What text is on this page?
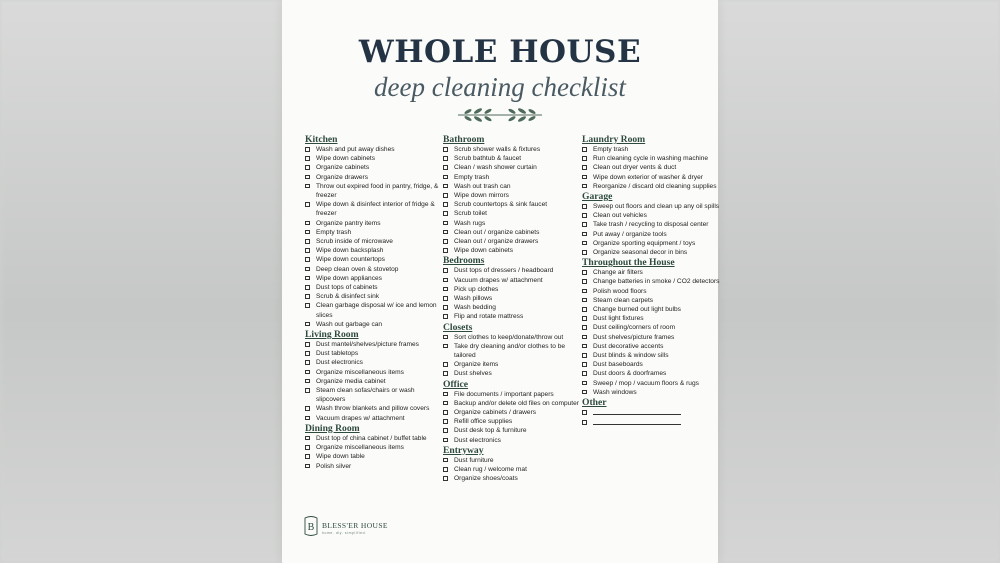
WHOLE HOUSE
deep cleaning checklist
Kitchen
Wash and put away dishes
Wipe down cabinets
Organize cabinets
Organize drawers
Throw out expired food in pantry, fridge, & freezer
Wipe down & disinfect interior of fridge & freezer
Organize pantry items
Empty trash
Scrub inside of microwave
Wipe down backsplash
Wipe down countertops
Deep clean oven & stovetop
Wipe down appliances
Dust tops of cabinets
Scrub & disinfect sink
Clean garbage disposal w/ ice and lemon slices
Wash out garbage can
Living Room
Dust mantel/shelves/picture frames
Dust tabletops
Dust electronics
Organize miscellaneous items
Organize media cabinet
Steam clean sofas/chairs or wash slipcovers
Wash throw blankets and pillow covers
Vacuum drapes w/ attachment
Dining Room
Dust top of china cabinet / buffet table
Organize miscellaneous items
Wipe down table
Polish silver
Bathroom
Scrub shower walls & fixtures
Scrub bathtub & faucet
Clean / wash shower curtain
Empty trash
Wash out trash can
Wipe down mirrors
Scrub countertops & sink faucet
Scrub toilet
Wash rugs
Clean out / organize cabinets
Clean out / organize drawers
Wipe down cabinets
Bedrooms
Dust tops of dressers / headboard
Vacuum drapes w/ attachment
Pick up clothes
Wash pillows
Wash bedding
Flip and rotate mattress
Closets
Sort clothes to keep/donate/throw out
Take dry cleaning and/or clothes to be tailored
Organize items
Dust shelves
Office
File documents / important papers
Backup and/or delete old files on computer
Organize cabinets / drawers
Refill office supplies
Dust desk top & furniture
Dust electronics
Entryway
Dust furniture
Clean rug / welcome mat
Organize shoes/coats
Laundry Room
Empty trash
Run cleaning cycle in washing machine
Clean out dryer vents & duct
Wipe down exterior of washer & dryer
Reorganize / discard old cleaning supplies
Garage
Sweep out floors and clean up any oil spills
Clean out vehicles
Take trash / recycling to disposal center
Put away / organize tools
Organize sporting equipment / toys
Organize seasonal decor in bins
Throughout the House
Change air filters
Change batteries in smoke / CO2 detectors
Polish wood floors
Steam clean carpets
Change burned out light bulbs
Dust light fixtures
Dust ceiling/corners of room
Dust shelves/picture frames
Dust decorative accents
Dust blinds & window sills
Dust baseboards
Dust doors & doorframes
Sweep / mop / vacuum floors & rugs
Wash windows
Other
B BLESS'ER HOUSE
home. diy. simplified.
